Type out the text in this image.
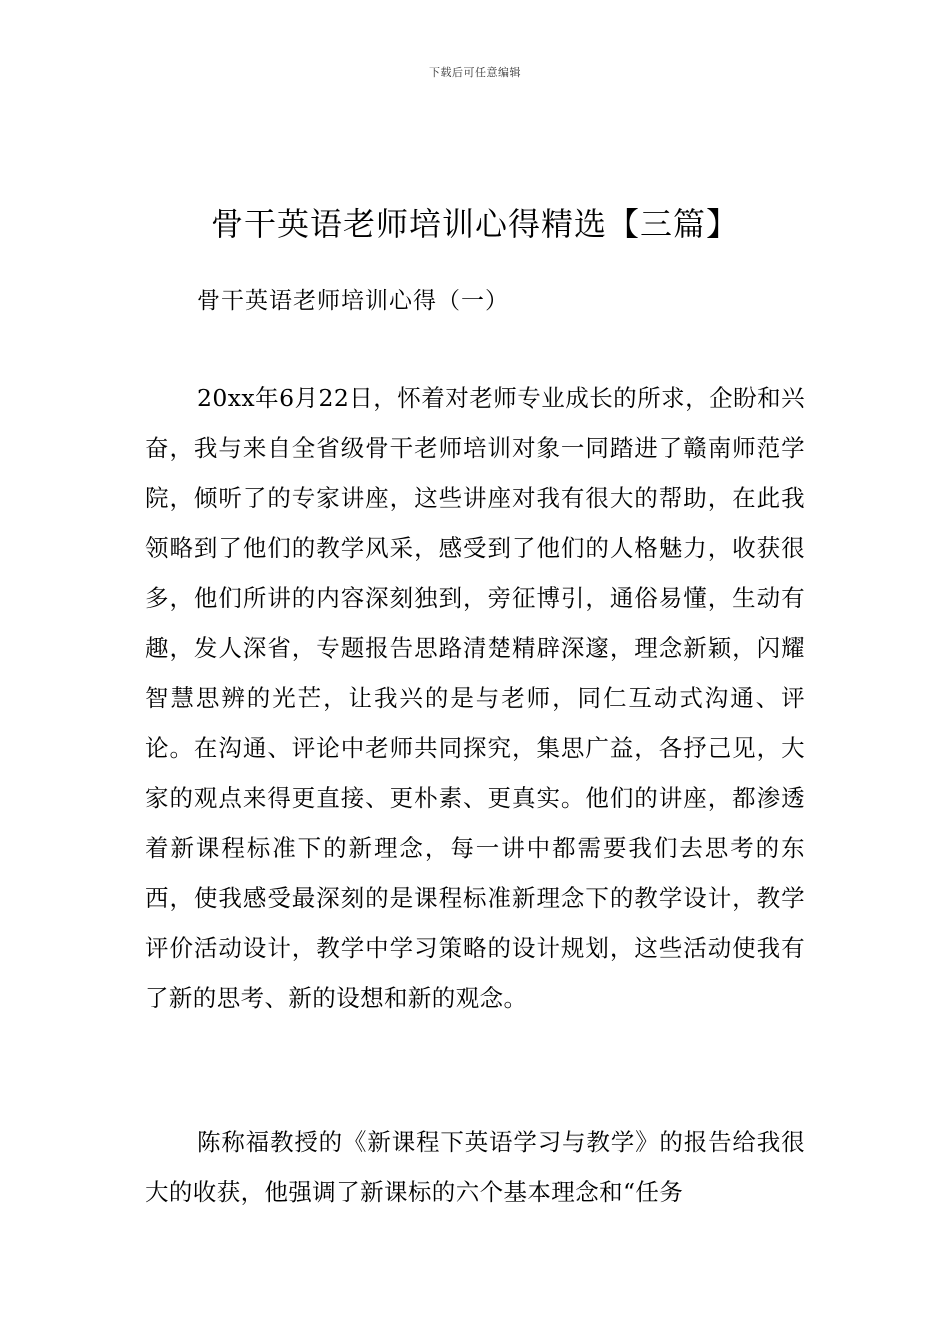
下载后可任意编辑
骨干英语老师培训心得精选【三篇】
骨干英语老师培训心得（一）

20xx年6月22日，怀着对老师专业成长的所求，企盼和兴奋，我与来自全省级骨干老师培训对象一同踏进了赣南师范学院，倾听了的专家讲座，这些讲座对我有很大的帮助，在此我领略到了他们的教学风采，感受到了他们的人格魅力，收获很多，他们所讲的内容深刻独到，旁征博引，通俗易懂，生动有趣，发人深省，专题报告思路清楚精辟深邃，理念新颖，闪耀智慧思辨的光芒，让我兴的是与老师，同仁互动式沟通、评论。在沟通、评论中老师共同探究，集思广益，各抒己见，大家的观点来得更直接、更朴素、更真实。他们的讲座，都渗透着新课程标准下的新理念，每一讲中都需要我们去思考的东西，使我感受最深刻的是课程标准新理念下的教学设计，教学评价活动设计，教学中学习策略的设计规划，这些活动使我有了新的思考、新的设想和新的观念。

陈称福教授的《新课程下英语学习与教学》的报告给我很大的收获，他强调了新课标的六个基本理念和“任务
